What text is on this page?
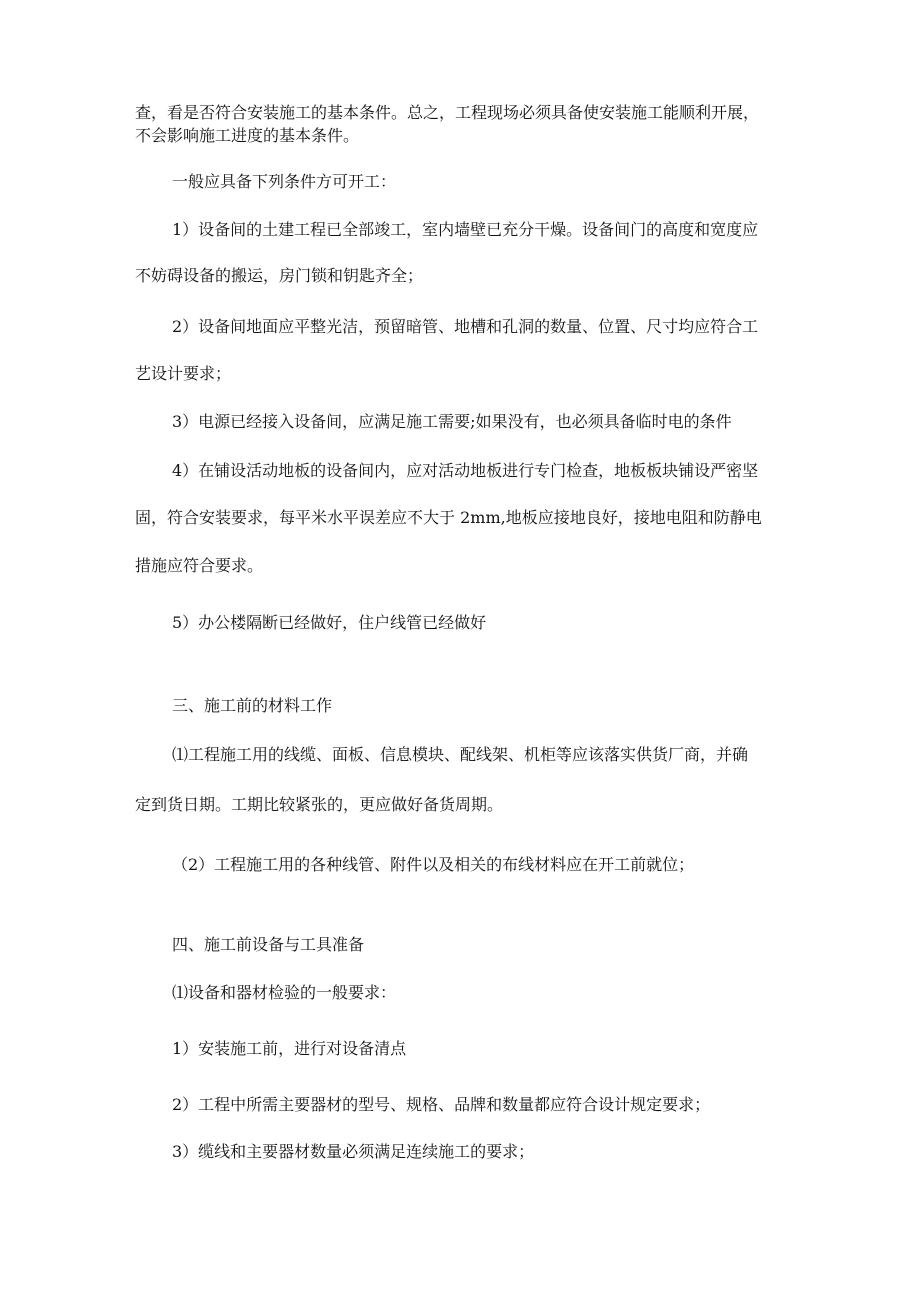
查，看是否符合安装施工的基本条件。总之，工程现场必须具备使安装施工能顺利开展，

不会影响施工进度的基本条件。

一般应具备下列条件方可开工：

1）设备间的土建工程已全部竣工，室内墙壁已充分干燥。设备间门的高度和宽度应

不妨碍设备的搬运，房门锁和钥匙齐全；

2）设备间地面应平整光洁，预留暗管、地槽和孔洞的数量、位置、尺寸均应符合工

艺设计要求；

3）电源已经接入设备间，应满足施工需要;如果没有，也必须具备临时电的条件

4）在铺设活动地板的设备间内，应对活动地板进行专门检查，地板板块铺设严密坚

固，符合安装要求，每平米水平误差应不大于 2mm,地板应接地良好，接地电阻和防静电

措施应符合要求。

5）办公楼隔断已经做好，住户线管已经做好

三、施工前的材料工作

⑴工程施工用的线缆、面板、信息模块、配线架、机柜等应该落实供货厂商，并确

定到货日期。工期比较紧张的，更应做好备货周期。

（2）工程施工用的各种线管、附件以及相关的布线材料应在开工前就位；

四、施工前设备与工具准备

⑴设备和器材检验的一般要求：

1）安装施工前，进行对设备清点

2）工程中所需主要器材的型号、规格、品牌和数量都应符合设计规定要求；

3）缆线和主要器材数量必须满足连续施工的要求；
